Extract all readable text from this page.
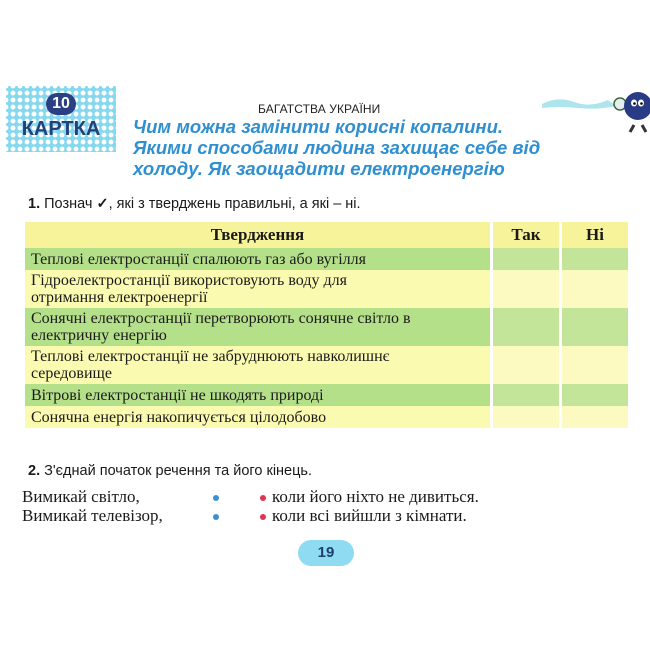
10
КАРТКА
БАГАТСТВА УКРАЇНИ
Чим можна замінити корисні копалини.
Якими способами людина захищає себе від
холоду. Як заощадити електроенергію
1. Познач ✓, які з тверджень правильні, а які – ні.
Твердження	Так	Ні
Теплові електростанції спалюють газ або вугілля		
Гідроелектростанції використовують воду для отримання електроенергії		
Сонячні електростанції перетворюють сонячне світло в електричну енергію		
Теплові електростанції не забруднюють навколишнє середовище		
Вітрові електростанції не шкодять природі		
Сонячна енергія накопичується цілодобово		
2. З'єднай початок речення та його кінець.
Вимикай світло,	коли його ніхто не дивиться.
Вимикай телевізор,	коли всі вийшли з кімнати.
19
